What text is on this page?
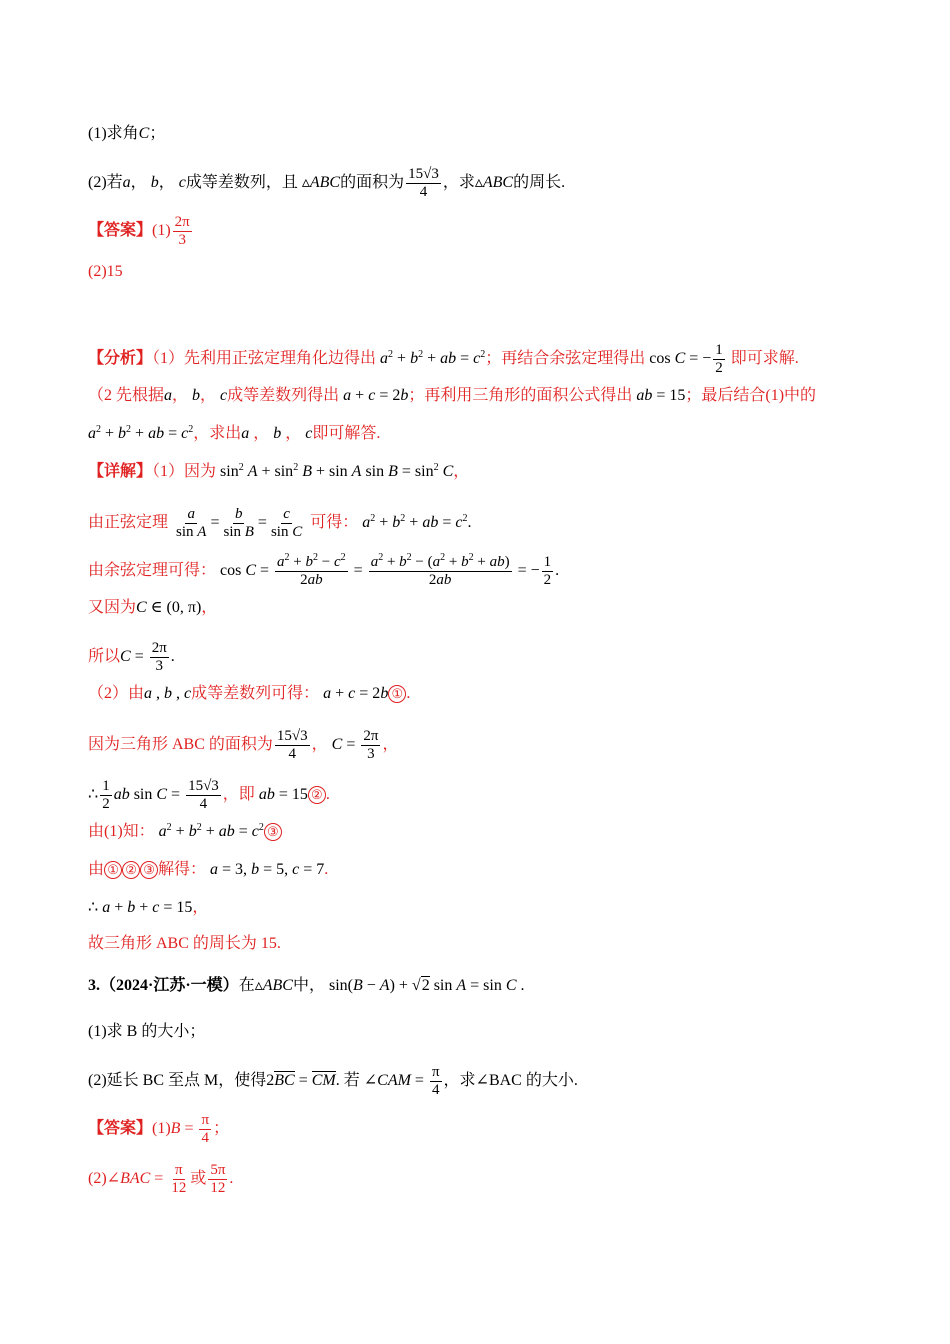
(1)求角C；
(2)若a， b， c成等差数列，且 ▵ABC的面积为 $\frac{15√3}{4}$ ，求▵ABC的周长.
【答案】$(1) \frac{2\pi}{3}$
(2)15
【分析】（1）先利用正弦定理角化边得出 $a^2 + b^2$ + ab = $c^2$；再结合余弦定理得出 cos C = − $\frac{1}{2}$ 即可求解.
（2 先根据a， b， c成等差数列得出 a + c = 2b；再利用三角形的面积公式得出 ab = 15；最后结合(1)中的
$a^2 + b^2$ + ab = $c^2$，求出a ， b ， c即可解答.
【详解】（1）因为 $\sin^2 A + \sin^2 B + \sin A$ $\sin B = \sin^2 C$，
由正弦定理 $\frac{a}{\text{sin A}} = \frac{b}{\text{sin B}} = \frac{c}{\text{sin C}}$ 可得： $a^2 + b^2$ + ab = $c^2$.
由余弦定理可得： $\cos C = \frac{a^2 + b^2 - c^2}{2ab} = \frac{a^2 + b^2 - (a^2 + b^2 + ab)}{2ab}$ = − $\frac{1}{2}$ .
又因为C ∈ (0, π)，
所以$C = \frac{2\pi}{3}$ .
（2）由a , b , c成等差数列可得： a + c = 2b ① .
因为三角形 ABC 的面积为 $\frac{15√3}{4}$ ， $C = \frac{2\pi}{3}$ ，
∴ $\frac{1}{2}$ ab $\sin C = \frac{15√3}{4}$ ，即 ab = 15 ② .
由(1)知： $a^2 + b^2$ + ab = $c^2$ ③
由 ① ② ③ 解得： a = 3, b = 5, c = 7.
∴ a + b + c = 15，
故三角形 ABC 的周长为 15.
3.（2024·江苏·一模）在▵ABC中， sin(B − A) + √2 sin A = sin C .
(1)求 B 的大小；
(2)延长 BC 至点 M，使得2BC = CM. 若 ∠CAM = $\frac{\pi}{4}$ ，求∠BAC 的大小.
【答案】$(1)B = \frac{\pi}{4}$ ；
(2)∠BAC = $\frac{\pi}{12}$ 或 $\frac{5\pi}{12}$ .
